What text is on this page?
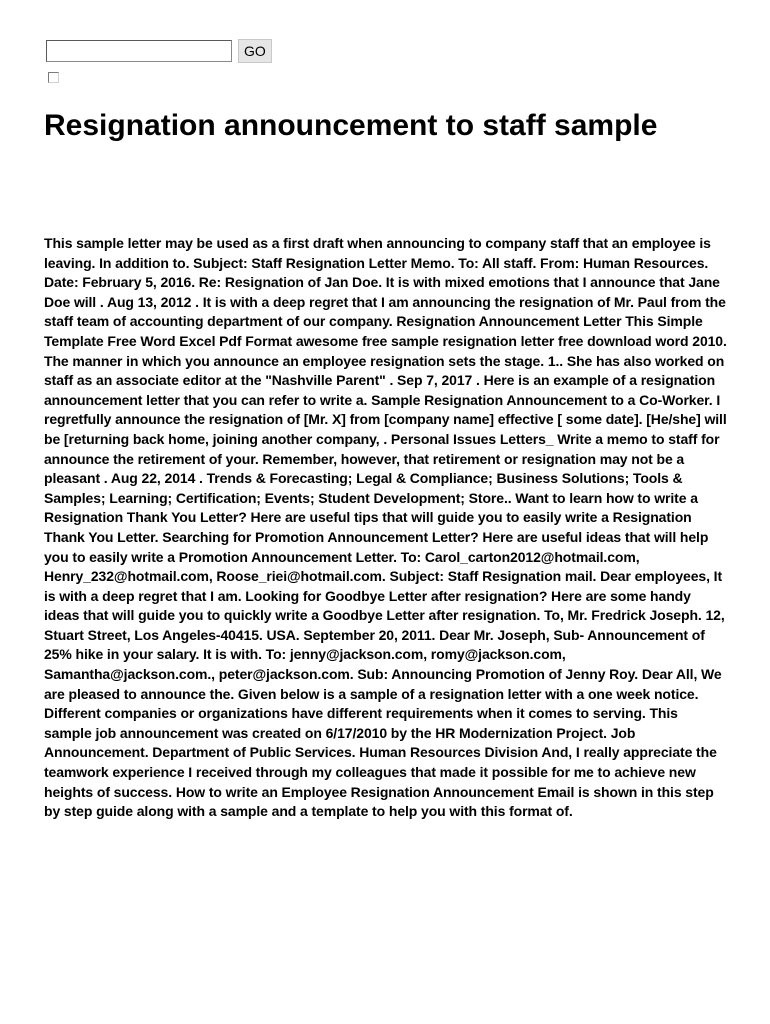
GO
Resignation announcement to staff sample

This sample letter may be used as a first draft when announcing to company staff that an employee is leaving. In addition to. Subject: Staff Resignation Letter Memo. To: All staff. From: Human Resources. Date: February 5, 2016. Re: Resignation of Jan Doe. It is with mixed emotions that I announce that Jane Doe will . Aug 13, 2012 . It is with a deep regret that I am announcing the resignation of Mr. Paul from the staff team of accounting department of our company. Resignation Announcement Letter This Simple Template Free Word Excel Pdf Format awesome free sample resignation letter free download word 2010. The manner in which you announce an employee resignation sets the stage. 1.. She has also worked on staff as an associate editor at the "Nashville Parent" . Sep 7, 2017 . Here is an example of a resignation announcement letter that you can refer to write a. Sample Resignation Announcement to a Co-Worker. I regretfully announce the resignation of [Mr. X] from [company name] effective [ some date]. [He/she] will be [returning back home, joining another company, . Personal Issues Letters_ Write a memo to staff for announce the retirement of your. Remember, however, that retirement or resignation may not be a pleasant . Aug 22, 2014 . Trends & Forecasting; Legal & Compliance; Business Solutions; Tools & Samples; Learning; Certification; Events; Student Development; Store.. Want to learn how to write a Resignation Thank You Letter? Here are useful tips that will guide you to easily write a Resignation Thank You Letter. Searching for Promotion Announcement Letter? Here are useful ideas that will help you to easily write a Promotion Announcement Letter. To: Carol_carton2012@hotmail.com, Henry_232@hotmail.com, Roose_riei@hotmail.com. Subject: Staff Resignation mail. Dear employees, It is with a deep regret that I am. Looking for Goodbye Letter after resignation? Here are some handy ideas that will guide you to quickly write a Goodbye Letter after resignation. To, Mr. Fredrick Joseph. 12, Stuart Street, Los Angeles-40415. USA. September 20, 2011. Dear Mr. Joseph, Sub- Announcement of 25% hike in your salary. It is with. To: jenny@jackson.com, romy@jackson.com, Samantha@jackson.com., peter@jackson.com. Sub: Announcing Promotion of Jenny Roy. Dear All, We are pleased to announce the. Given below is a sample of a resignation letter with a one week notice. Different companies or organizations have different requirements when it comes to serving. This sample job announcement was created on 6/17/2010 by the HR Modernization Project. Job Announcement. Department of Public Services. Human Resources Division And, I really appreciate the teamwork experience I received through my colleagues that made it possible for me to achieve new heights of success. How to write an Employee Resignation Announcement Email is shown in this step by step guide along with a sample and a template to help you with this format of.
